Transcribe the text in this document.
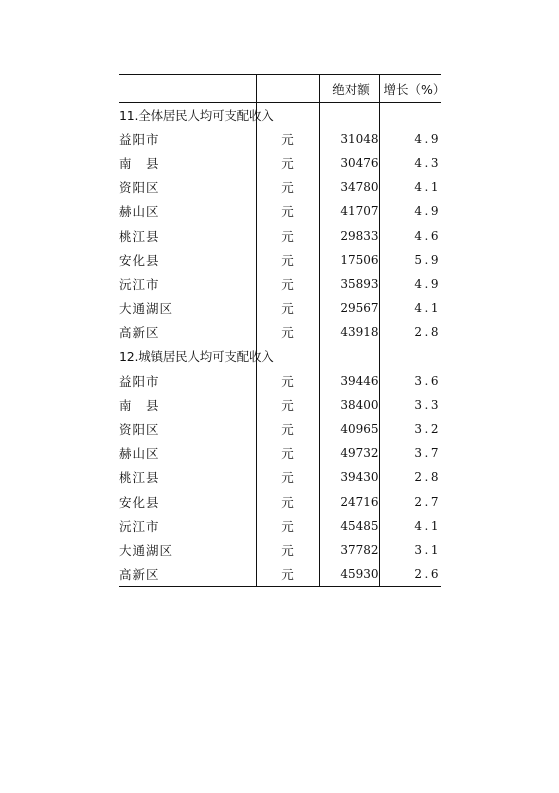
		绝对额	增长（%）
11.全体居民人均可支配收入			
益阳市	元	31048	4.9
南　县	元	30476	4.3
资阳区	元	34780	4.1
赫山区	元	41707	4.9
桃江县	元	29833	4.6
安化县	元	17506	5.9
沅江市	元	35893	4.9
大通湖区	元	29567	4.1
高新区	元	43918	2.8
12.城镇居民人均可支配收入			
益阳市	元	39446	3.6
南　县	元	38400	3.3
资阳区	元	40965	3.2
赫山区	元	49732	3.7
桃江县	元	39430	2.8
安化县	元	24716	2.7
沅江市	元	45485	4.1
大通湖区	元	37782	3.1
高新区	元	45930	2.6
